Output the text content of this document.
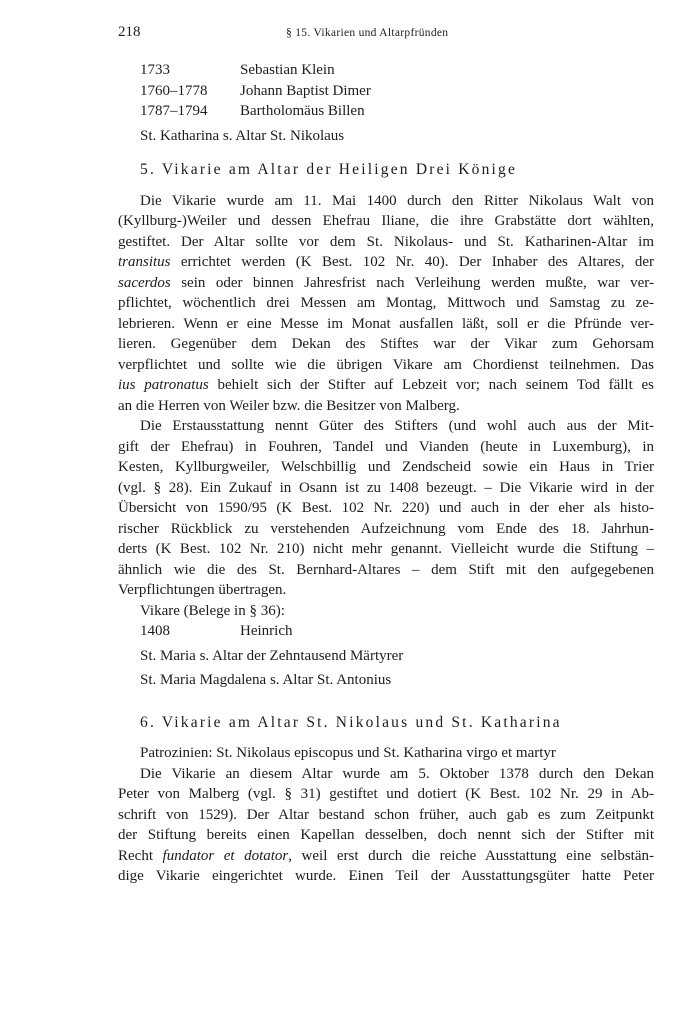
218	§ 15. Vikarien und Altarpfründen
1733	Sebastian Klein
1760–1778	Johann Baptist Dimer
1787–1794	Bartholomäus Billen
St. Katharina s. Altar St. Nikolaus
5. Vikarie am Altar der Heiligen Drei Könige
Die Vikarie wurde am 11. Mai 1400 durch den Ritter Nikolaus Walt von
(Kyllburg-)Weiler und dessen Ehefrau Iliane, die ihre Grabstätte dort wählten,
gestiftet. Der Altar sollte vor dem St. Nikolaus- und St. Katharinen-Altar im
transitus errichtet werden (K Best. 102 Nr. 40). Der Inhaber des Altares, der
sacerdos sein oder binnen Jahresfrist nach Verleihung werden mußte, war ver-
pflichtet, wöchentlich drei Messen am Montag, Mittwoch und Samstag zu ze-
lebrieren. Wenn er eine Messe im Monat ausfallen läßt, soll er die Pfründe ver-
lieren. Gegenüber dem Dekan des Stiftes war der Vikar zum Gehorsam
verpflichtet und sollte wie die übrigen Vikare am Chordienst teilnehmen. Das
ius patronatus behielt sich der Stifter auf Lebzeit vor; nach seinem Tod fällt es
an die Herren von Weiler bzw. die Besitzer von Malberg.
Die Erstausstattung nennt Güter des Stifters (und wohl auch aus der Mit-
gift der Ehefrau) in Fouhren, Tandel und Vianden (heute in Luxemburg), in
Kesten, Kyllburgweiler, Welschbillig und Zendscheid sowie ein Haus in Trier
(vgl. § 28). Ein Zukauf in Osann ist zu 1408 bezeugt. – Die Vikarie wird in der
Übersicht von 1590/95 (K Best. 102 Nr. 220) und auch in der eher als histo-
rischer Rückblick zu verstehenden Aufzeichnung vom Ende des 18. Jahrhun-
derts (K Best. 102 Nr. 210) nicht mehr genannt. Vielleicht wurde die Stiftung –
ähnlich wie die des St. Bernhard-Altares – dem Stift mit den aufgegebenen
Verpflichtungen übertragen.
Vikare (Belege in § 36):
1408	Heinrich
St. Maria s. Altar der Zehntausend Märtyrer
St. Maria Magdalena s. Altar St. Antonius
6. Vikarie am Altar St. Nikolaus und St. Katharina
Patrozinien: St. Nikolaus episcopus und St. Katharina virgo et martyr
Die Vikarie an diesem Altar wurde am 5. Oktober 1378 durch den Dekan
Peter von Malberg (vgl. § 31) gestiftet und dotiert (K Best. 102 Nr. 29 in Ab-
schrift von 1529). Der Altar bestand schon früher, auch gab es zum Zeitpunkt
der Stiftung bereits einen Kapellan desselben, doch nennt sich der Stifter mit
Recht fundator et dotator, weil erst durch die reiche Ausstattung eine selbstän-
dige Vikarie eingerichtet wurde. Einen Teil der Ausstattungsgüter hatte Peter
